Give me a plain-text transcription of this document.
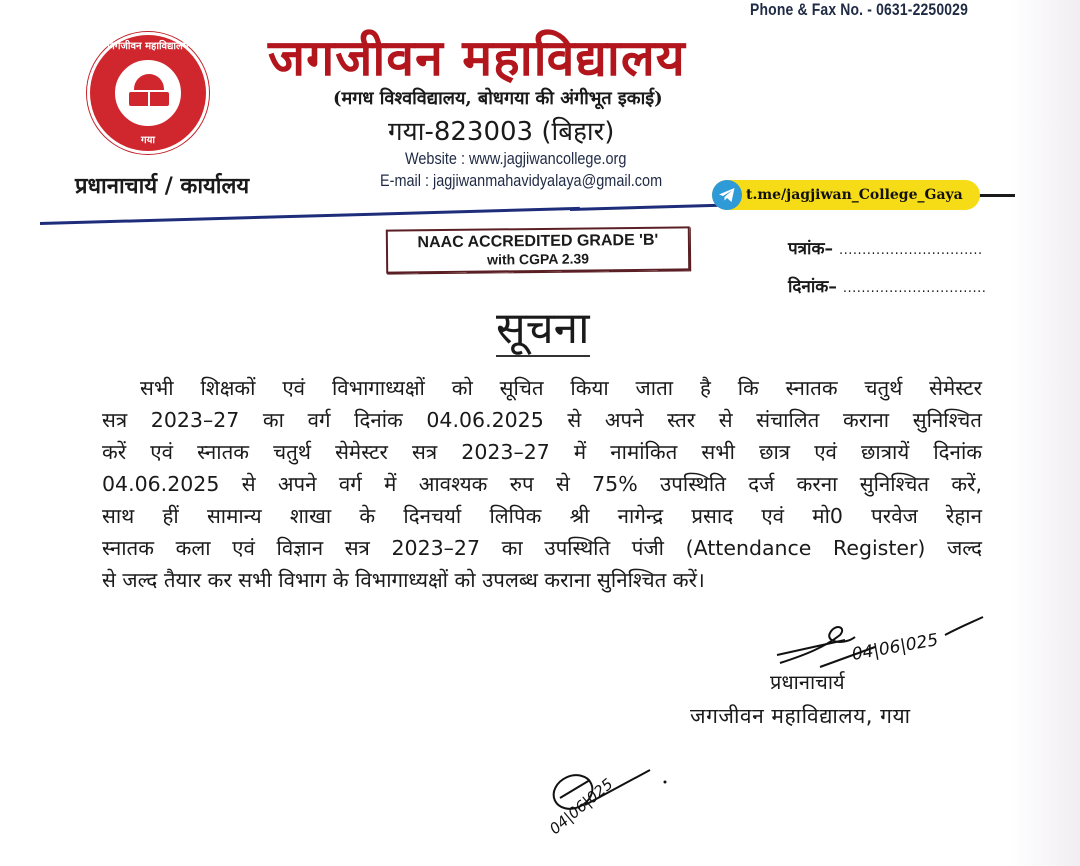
Phone & Fax No. - 0631-2250029
जगजीवन महाविद्यालय
गया
जगजीवन महाविद्यालय
(मगध विश्वविद्यालय, बोधगया की अंगीभूत इकाई)
गया-823003 (बिहार)
Website : www.jagjiwancollege.org
E-mail : jagjiwanmahavidyalaya@gmail.com
प्रधानाचार्य / कार्यालय	t.me/jagjiwan_College_Gaya
NAAC ACCREDITED GRADE 'B'
with CGPA 2.39	पत्रांक– ...............................
दिनांक– ...............................
सूचना
सभी शिक्षकों एवं विभागाध्यक्षों को सूचित किया जाता है कि स्नातक चतुर्थ सेमेस्टर
सत्र 2023–27 का वर्ग दिनांक 04.06.2025 से अपने स्तर से संचालित कराना सुनिश्चित
करें एवं स्नातक चतुर्थ सेमेस्टर सत्र 2023–27 में नामांकित सभी छात्र एवं छात्रायें दिनांक
04.06.2025 से अपने वर्ग में आवश्यक रुप से 75% उपस्थिति दर्ज करना सुनिश्चित करें,
साथ हीं सामान्य शाखा के दिनचर्या लिपिक श्री नागेन्द्र प्रसाद एवं मो0 परवेज रेहान
स्नातक कला एवं विज्ञान सत्र 2023–27 का उपस्थिति पंजी (Attendance Register) जल्द
से जल्द तैयार कर सभी विभाग के विभागाध्यक्षों को उपलब्ध कराना सुनिश्चित करें।
04|06|025
प्रधानाचार्य
जगजीवन महाविद्यालय, गया
04|06|025
